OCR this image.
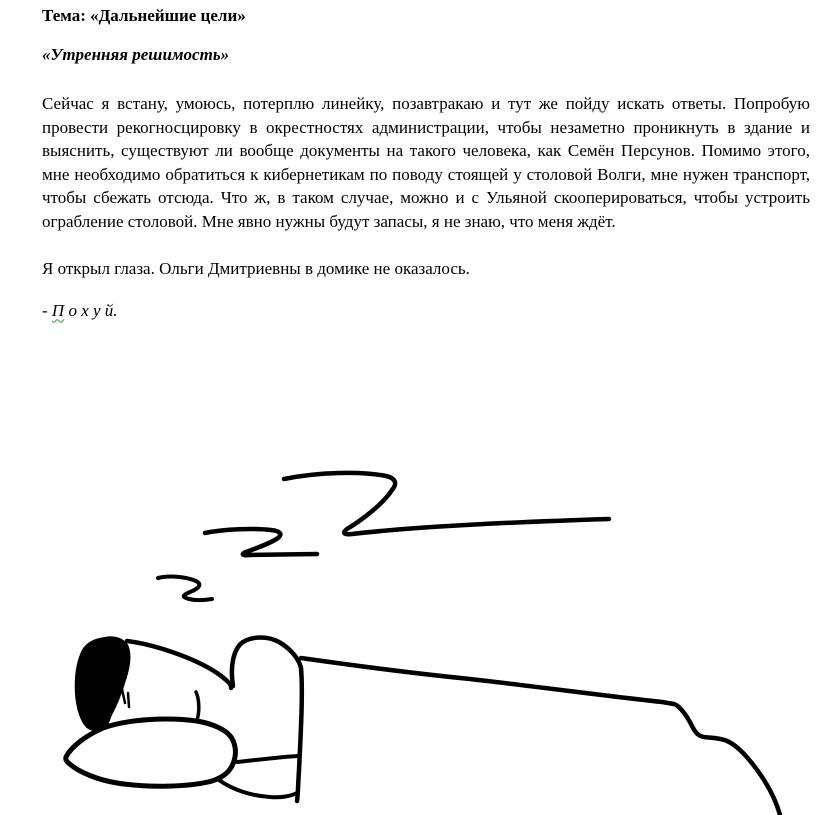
Тема: «Дальнейшие цели»

«Утренняя решимость»

Сейчас я встану, умоюсь, потерплю линейку, позавтракаю и тут же пойду искать ответы. Попробую провести рекогносцировку в окрестностях администрации, чтобы незаметно проникнуть в здание и выяснить, существуют ли вообще документы на такого человека, как Семён Персунов. Помимо этого, мне необходимо обратиться к кибернетикам по поводу стоящей у столовой Волги, мне нужен транспорт, чтобы сбежать отсюда. Что ж, в таком случае, можно и с Ульяной скооперироваться, чтобы устроить ограбление столовой. Мне явно нужны будут запасы, я не знаю, что меня ждёт.

Я открыл глаза. Ольги Дмитриевны в домике не оказалось.

- П о х у й.
